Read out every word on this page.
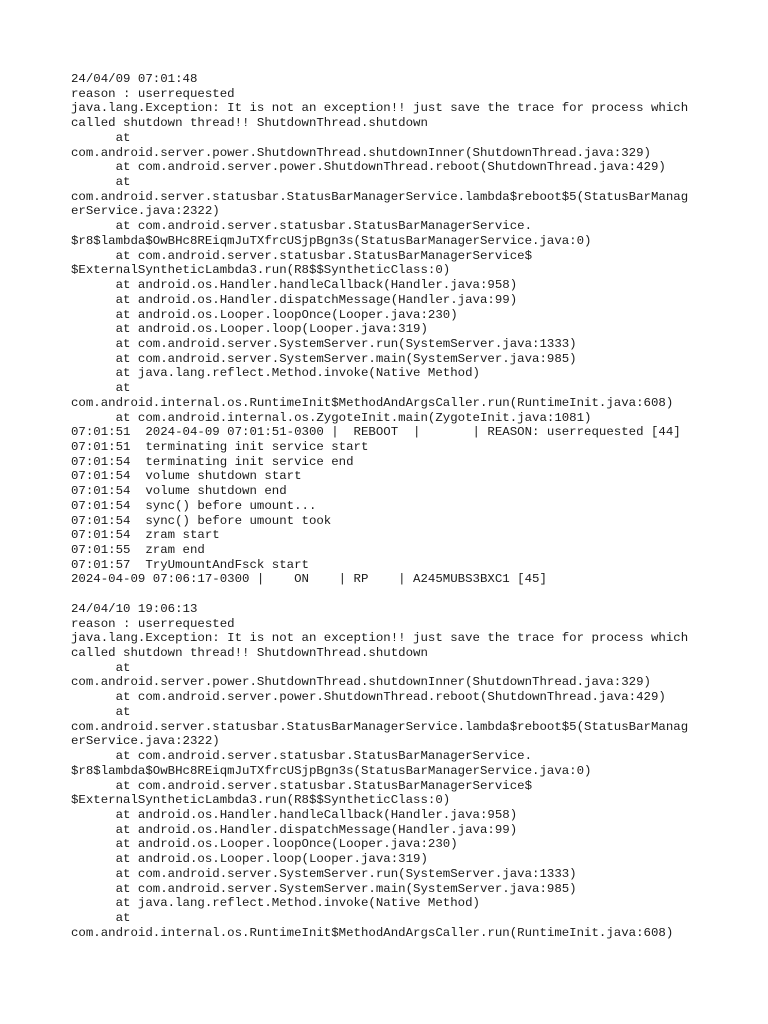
24/04/09 07:01:48
reason : userrequested
java.lang.Exception: It is not an exception!! just save the trace for process which
called shutdown thread!! ShutdownThread.shutdown
at
com.android.server.power.ShutdownThread.shutdownInner(ShutdownThread.java:329)
at com.android.server.power.ShutdownThread.reboot(ShutdownThread.java:429)
at
com.android.server.statusbar.StatusBarManagerService.lambda$reboot$5(StatusBarManag
erService.java:2322)
at com.android.server.statusbar.StatusBarManagerService.
$r8$lambda$OwBHc8REiqmJuTXfrcUSjpBgn3s(StatusBarManagerService.java:0)
at com.android.server.statusbar.StatusBarManagerService$
$ExternalSyntheticLambda3.run(R8$$SyntheticClass:0)
at android.os.Handler.handleCallback(Handler.java:958)
at android.os.Handler.dispatchMessage(Handler.java:99)
at android.os.Looper.loopOnce(Looper.java:230)
at android.os.Looper.loop(Looper.java:319)
at com.android.server.SystemServer.run(SystemServer.java:1333)
at com.android.server.SystemServer.main(SystemServer.java:985)
at java.lang.reflect.Method.invoke(Native Method)
at
com.android.internal.os.RuntimeInit$MethodAndArgsCaller.run(RuntimeInit.java:608)
at com.android.internal.os.ZygoteInit.main(ZygoteInit.java:1081)
07:01:51  2024-04-09 07:01:51-0300 |  REBOOT  |       | REASON: userrequested [44]
07:01:51  terminating init service start
07:01:54  terminating init service end
07:01:54  volume shutdown start
07:01:54  volume shutdown end
07:01:54  sync() before umount...
07:01:54  sync() before umount took
07:01:54  zram start
07:01:55  zram end
07:01:57  TryUmountAndFsck start
2024-04-09 07:06:17-0300 |    ON    | RP    | A245MUBS3BXC1 [45]
24/04/10 19:06:13
reason : userrequested
java.lang.Exception: It is not an exception!! just save the trace for process which
called shutdown thread!! ShutdownThread.shutdown
at
com.android.server.power.ShutdownThread.shutdownInner(ShutdownThread.java:329)
at com.android.server.power.ShutdownThread.reboot(ShutdownThread.java:429)
at
com.android.server.statusbar.StatusBarManagerService.lambda$reboot$5(StatusBarManag
erService.java:2322)
at com.android.server.statusbar.StatusBarManagerService.
$r8$lambda$OwBHc8REiqmJuTXfrcUSjpBgn3s(StatusBarManagerService.java:0)
at com.android.server.statusbar.StatusBarManagerService$
$ExternalSyntheticLambda3.run(R8$$SyntheticClass:0)
at android.os.Handler.handleCallback(Handler.java:958)
at android.os.Handler.dispatchMessage(Handler.java:99)
at android.os.Looper.loopOnce(Looper.java:230)
at android.os.Looper.loop(Looper.java:319)
at com.android.server.SystemServer.run(SystemServer.java:1333)
at com.android.server.SystemServer.main(SystemServer.java:985)
at java.lang.reflect.Method.invoke(Native Method)
at
com.android.internal.os.RuntimeInit$MethodAndArgsCaller.run(RuntimeInit.java:608)
